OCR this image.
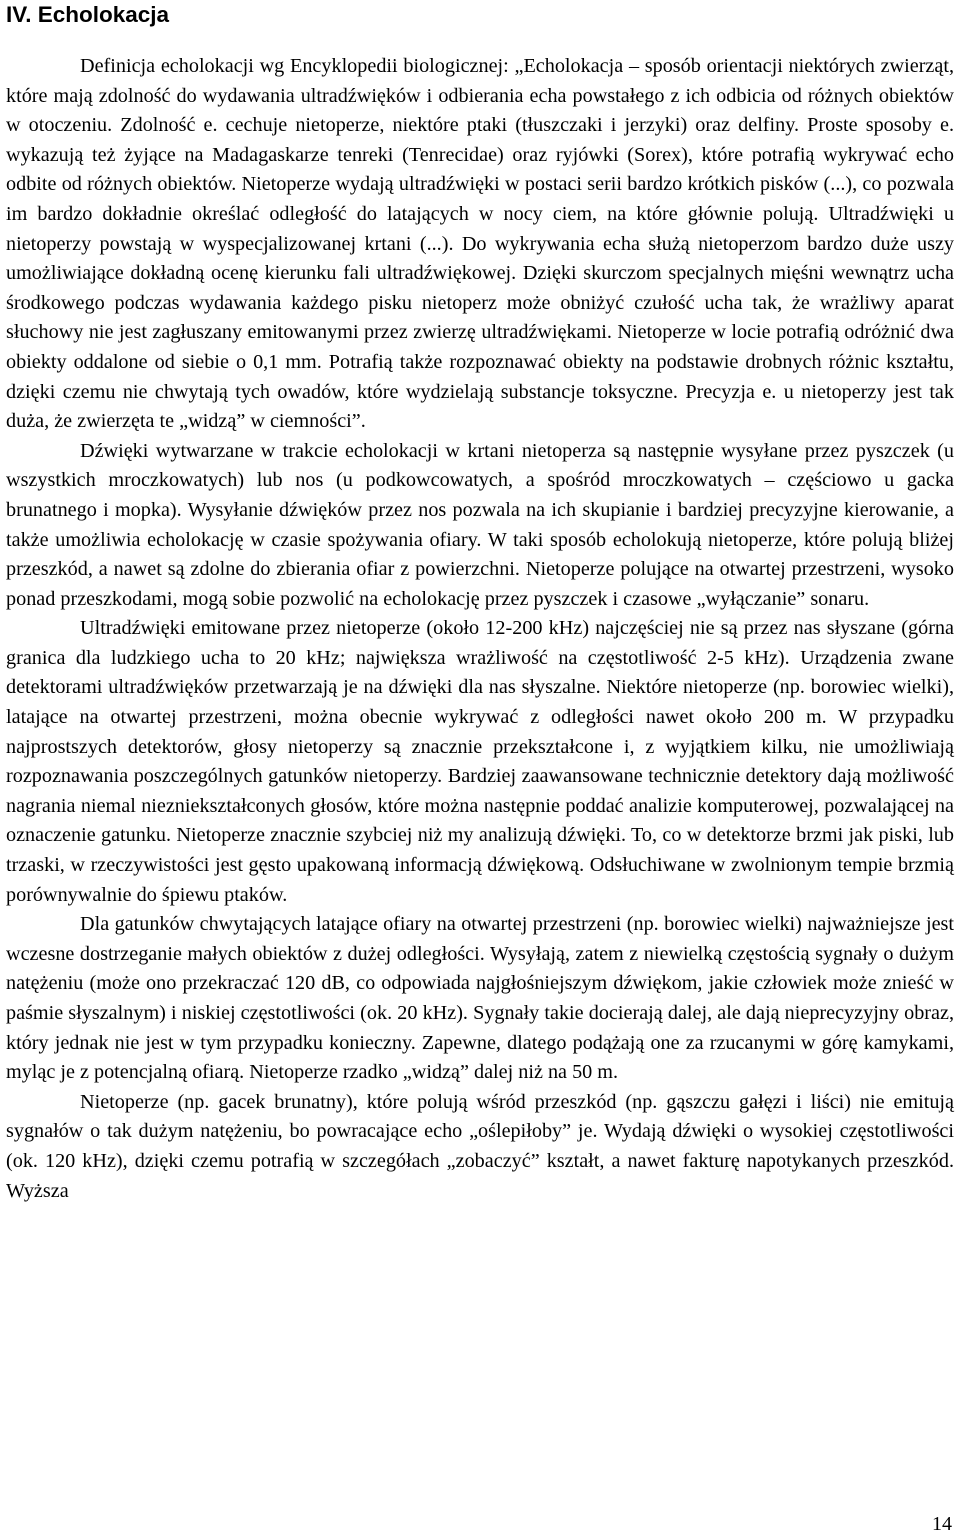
IV. Echolokacja

Definicja echolokacji wg Encyklopedii biologicznej: „Echolokacja – sposób orientacji niektórych zwierząt, które mają zdolność do wydawania ultradźwięków i odbierania echa powstałego z ich odbicia od różnych obiektów w otoczeniu. Zdolność e. cechuje nietoperze, niektóre ptaki (tłuszczaki i jerzyki) oraz delfiny. Proste sposoby e. wykazują też żyjące na Madagaskarze tenreki (Tenrecidae) oraz ryjówki (Sorex), które potrafią wykrywać echo odbite od różnych obiektów. Nietoperze wydają ultradźwięki w postaci serii bardzo krótkich pisków (...), co pozwala im bardzo dokładnie określać odległość do latających w nocy ciem, na które głównie polują. Ultradźwięki u nietoperzy powstają w wyspecjalizowanej krtani (...). Do wykrywania echa służą nietoperzom bardzo duże uszy umożliwiające dokładną ocenę kierunku fali ultradźwiękowej. Dzięki skurczom specjalnych mięśni wewnątrz ucha środkowego podczas wydawania każdego pisku nietoperz może obniżyć czułość ucha tak, że wrażliwy aparat słuchowy nie jest zagłuszany emitowanymi przez zwierzę ultradźwiękami. Nietoperze w locie potrafią odróżnić dwa obiekty oddalone od siebie o 0,1 mm. Potrafią także rozpoznawać obiekty na podstawie drobnych różnic kształtu, dzięki czemu nie chwytają tych owadów, które wydzielają substancje toksyczne. Precyzja e. u nietoperzy jest tak duża, że zwierzęta te „widzą” w ciemności”.

Dźwięki wytwarzane w trakcie echolokacji w krtani nietoperza są następnie wysyłane przez pyszczek (u wszystkich mroczkowatych) lub nos (u podkowcowatych, a spośród mroczkowatych – częściowo u gacka brunatnego i mopka). Wysyłanie dźwięków przez nos pozwala na ich skupianie i bardziej precyzyjne kierowanie, a także umożliwia echolokację w czasie spożywania ofiary. W taki sposób echolokują nietoperze, które polują bliżej przeszkód, a nawet są zdolne do zbierania ofiar z powierzchni. Nietoperze polujące na otwartej przestrzeni, wysoko ponad przeszkodami, mogą sobie pozwolić na echolokację przez pyszczek i czasowe „wyłączanie” sonaru.

Ultradźwięki emitowane przez nietoperze (około 12-200 kHz) najczęściej nie są przez nas słyszane (górna granica dla ludzkiego ucha to 20 kHz; największa wrażliwość na częstotliwość 2-5 kHz). Urządzenia zwane detektorami ultradźwięków przetwarzają je na dźwięki dla nas słyszalne. Niektóre nietoperze (np. borowiec wielki), latające na otwartej przestrzeni, można obecnie wykrywać z odległości nawet około 200 m. W przypadku najprostszych detektorów, głosy nietoperzy są znacznie przekształcone i, z wyjątkiem kilku, nie umożliwiają rozpoznawania poszczególnych gatunków nietoperzy. Bardziej zaawansowane technicznie detektory dają możliwość nagrania niemal niezniekształconych głosów, które można następnie poddać analizie komputerowej, pozwalającej na oznaczenie gatunku. Nietoperze znacznie szybciej niż my analizują dźwięki. To, co w detektorze brzmi jak piski, lub trzaski, w rzeczywistości jest gęsto upakowaną informacją dźwiękową. Odsłuchiwane w zwolnionym tempie brzmią porównywalnie do śpiewu ptaków.

Dla gatunków chwytających latające ofiary na otwartej przestrzeni (np. borowiec wielki) najważniejsze jest wczesne dostrzeganie małych obiektów z dużej odległości. Wysyłają, zatem z niewielką częstością sygnały o dużym natężeniu (może ono przekraczać 120 dB, co odpowiada najgłośniejszym dźwiękom, jakie człowiek może znieść w paśmie słyszalnym) i niskiej częstotliwości (ok. 20 kHz). Sygnały takie docierają dalej, ale dają nieprecyzyjny obraz, który jednak nie jest w tym przypadku konieczny. Zapewne, dlatego podążają one za rzucanymi w górę kamykami, myląc je z potencjalną ofiarą. Nietoperze rzadko „widzą” dalej niż na 50 m.

Nietoperze (np. gacek brunatny), które polują wśród przeszkód (np. gąszczu gałęzi i liści) nie emitują sygnałów o tak dużym natężeniu, bo powracające echo „oślepiłoby” je. Wydają dźwięki o wysokiej częstotliwości (ok. 120 kHz), dzięki czemu potrafią w szczegółach „zobaczyć” kształt, a nawet fakturę napotykanych przeszkód. Wyższa

14
